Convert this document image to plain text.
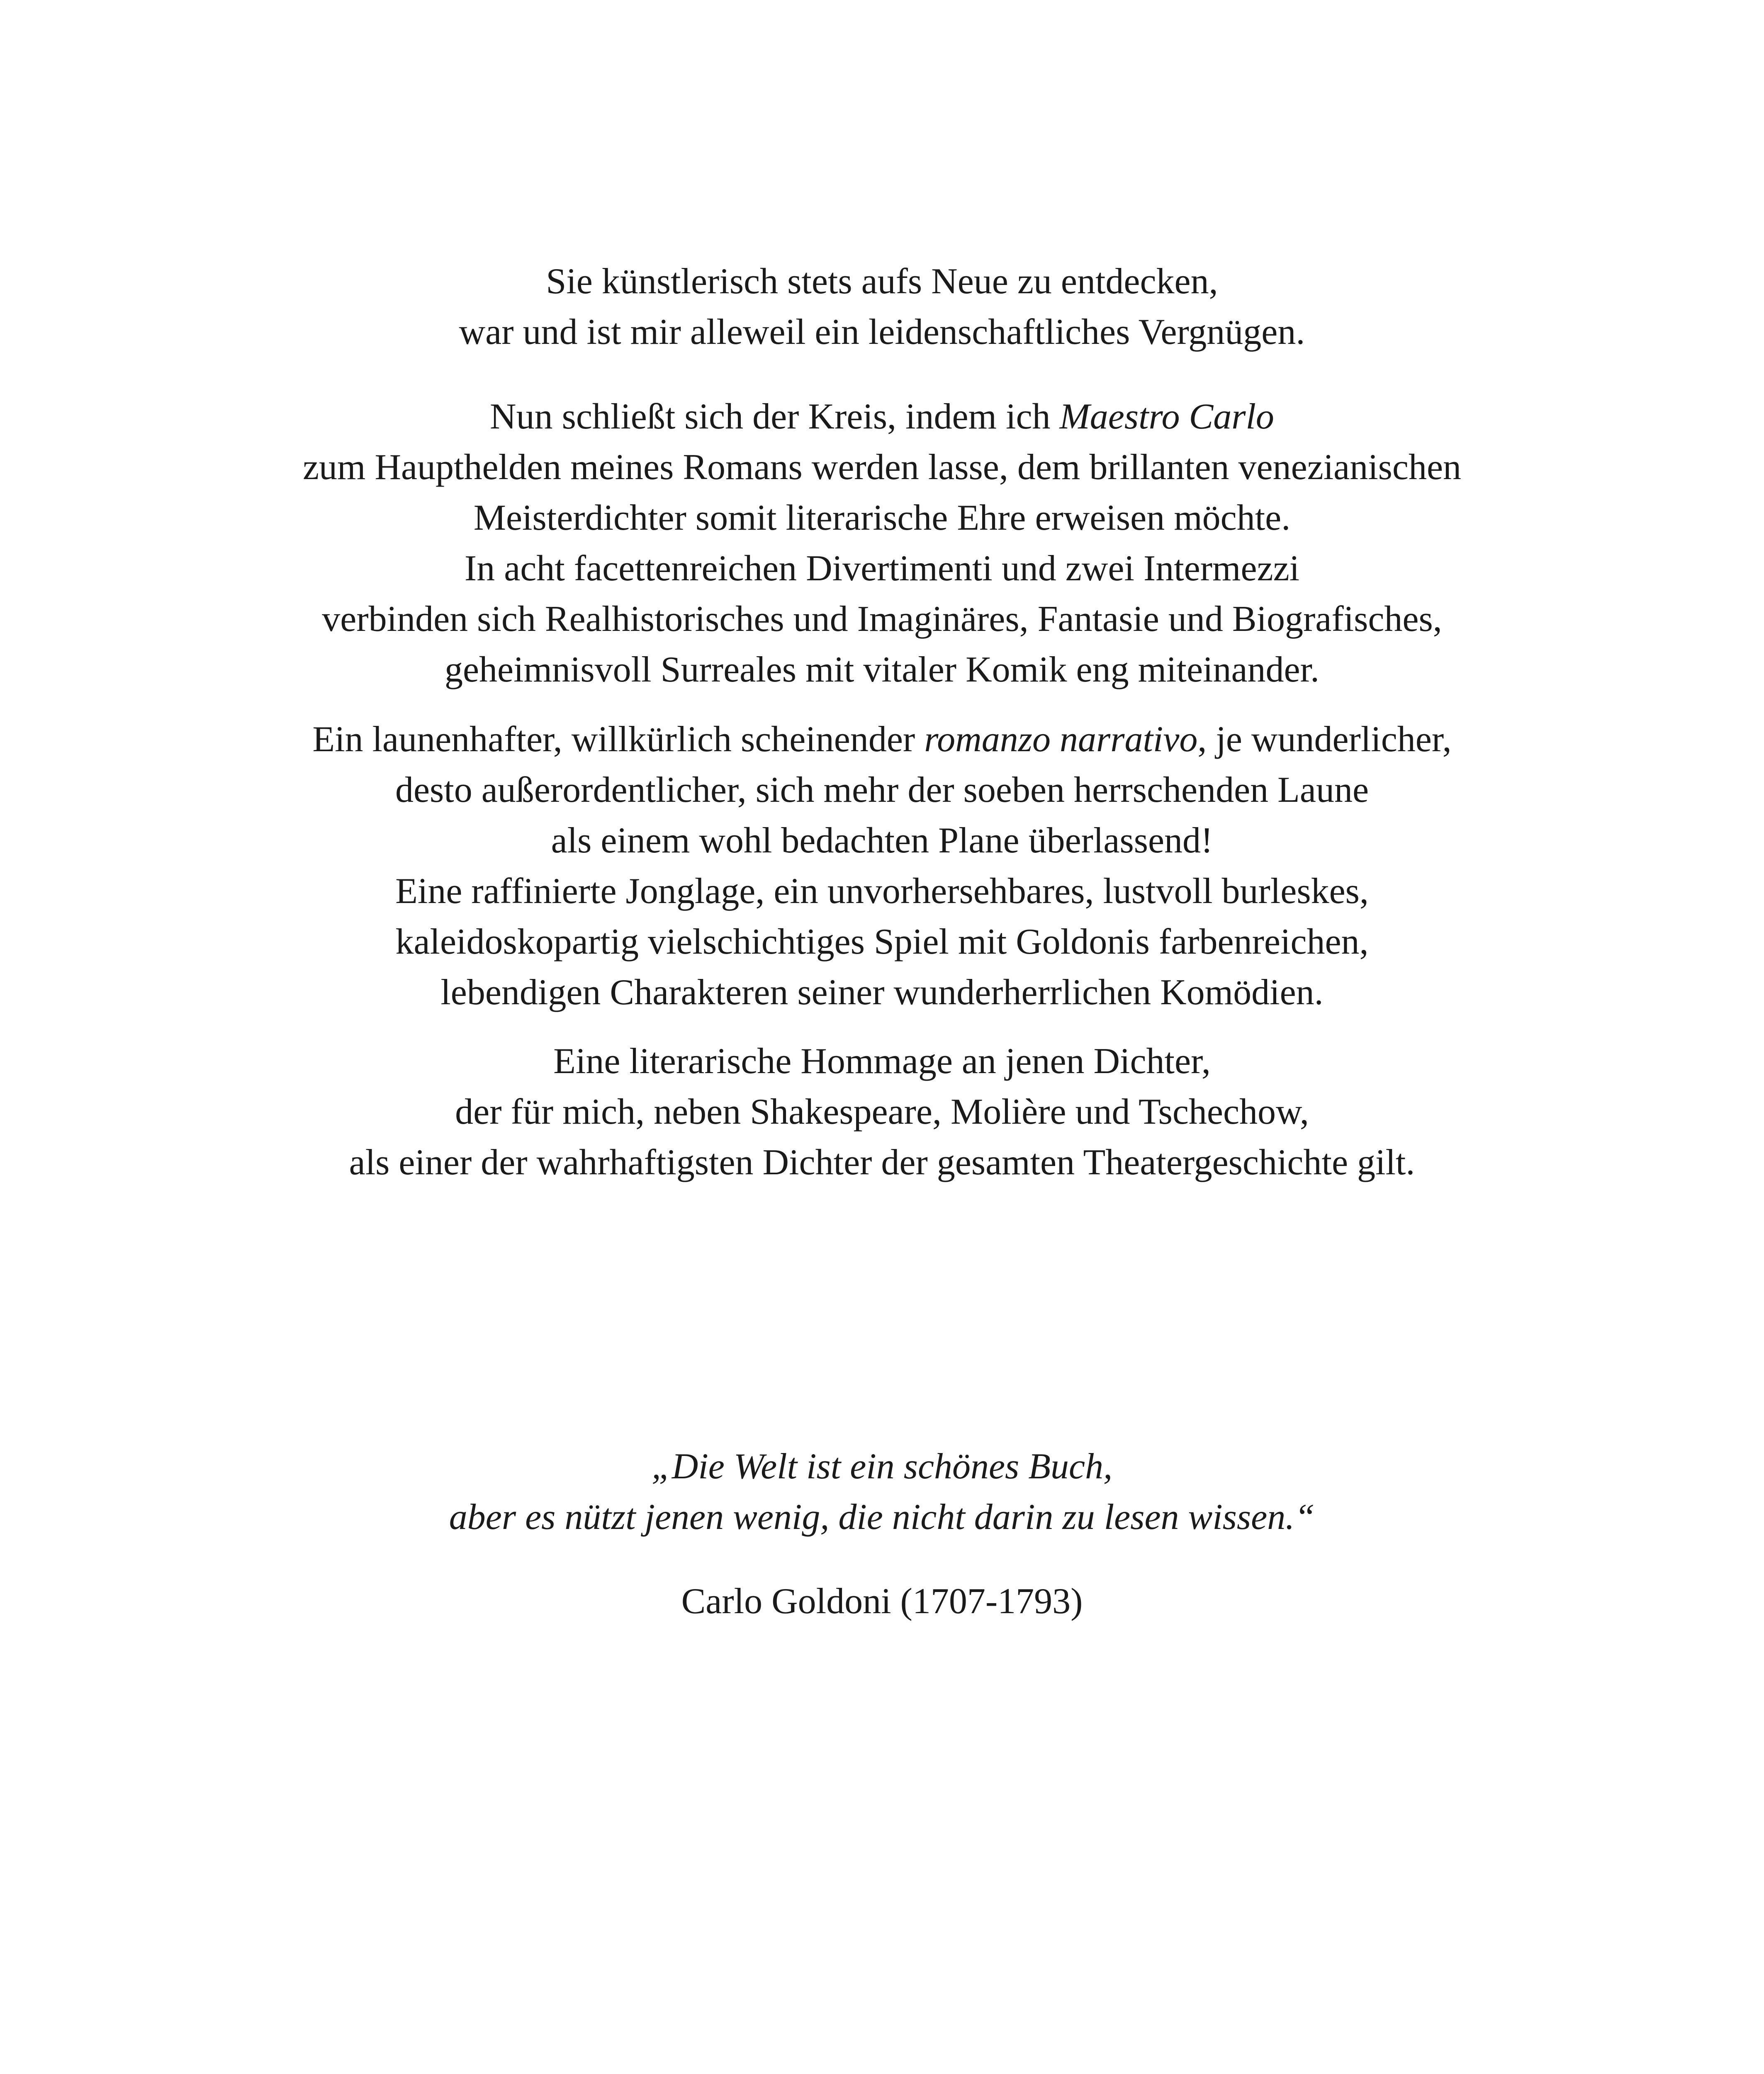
Sie künstlerisch stets aufs Neue zu entdecken,
war und ist mir alleweil ein leidenschaftliches Vergnügen.
Nun schließt sich der Kreis, indem ich Maestro Carlo
zum Haupthelden meines Romans werden lasse, dem brillanten venezianischen
Meisterdichter somit literarische Ehre erweisen möchte.
In acht facettenreichen Divertimenti und zwei Intermezzi
verbinden sich Realhistorisches und Imaginäres, Fantasie und Biografisches,
geheimnisvoll Surreales mit vitaler Komik eng miteinander.
Ein launenhafter, willkürlich scheinender romanzo narrativo, je wunderlicher,
desto außerordentlicher, sich mehr der soeben herrschenden Laune
als einem wohl bedachten Plane überlassend!
Eine raffinierte Jonglage, ein unvorhersehbares, lustvoll burleskes,
kaleidoskopartig vielschichtiges Spiel mit Goldonis farbenreichen,
lebendigen Charakteren seiner wunderherrlichen Komödien.
Eine literarische Hommage an jenen Dichter,
der für mich, neben Shakespeare, Molière und Tschechow,
als einer der wahrhaftigsten Dichter der gesamten Theatergeschichte gilt.
„Die Welt ist ein schönes Buch,
aber es nützt jenen wenig, die nicht darin zu lesen wissen.“
Carlo Goldoni (1707-1793)
